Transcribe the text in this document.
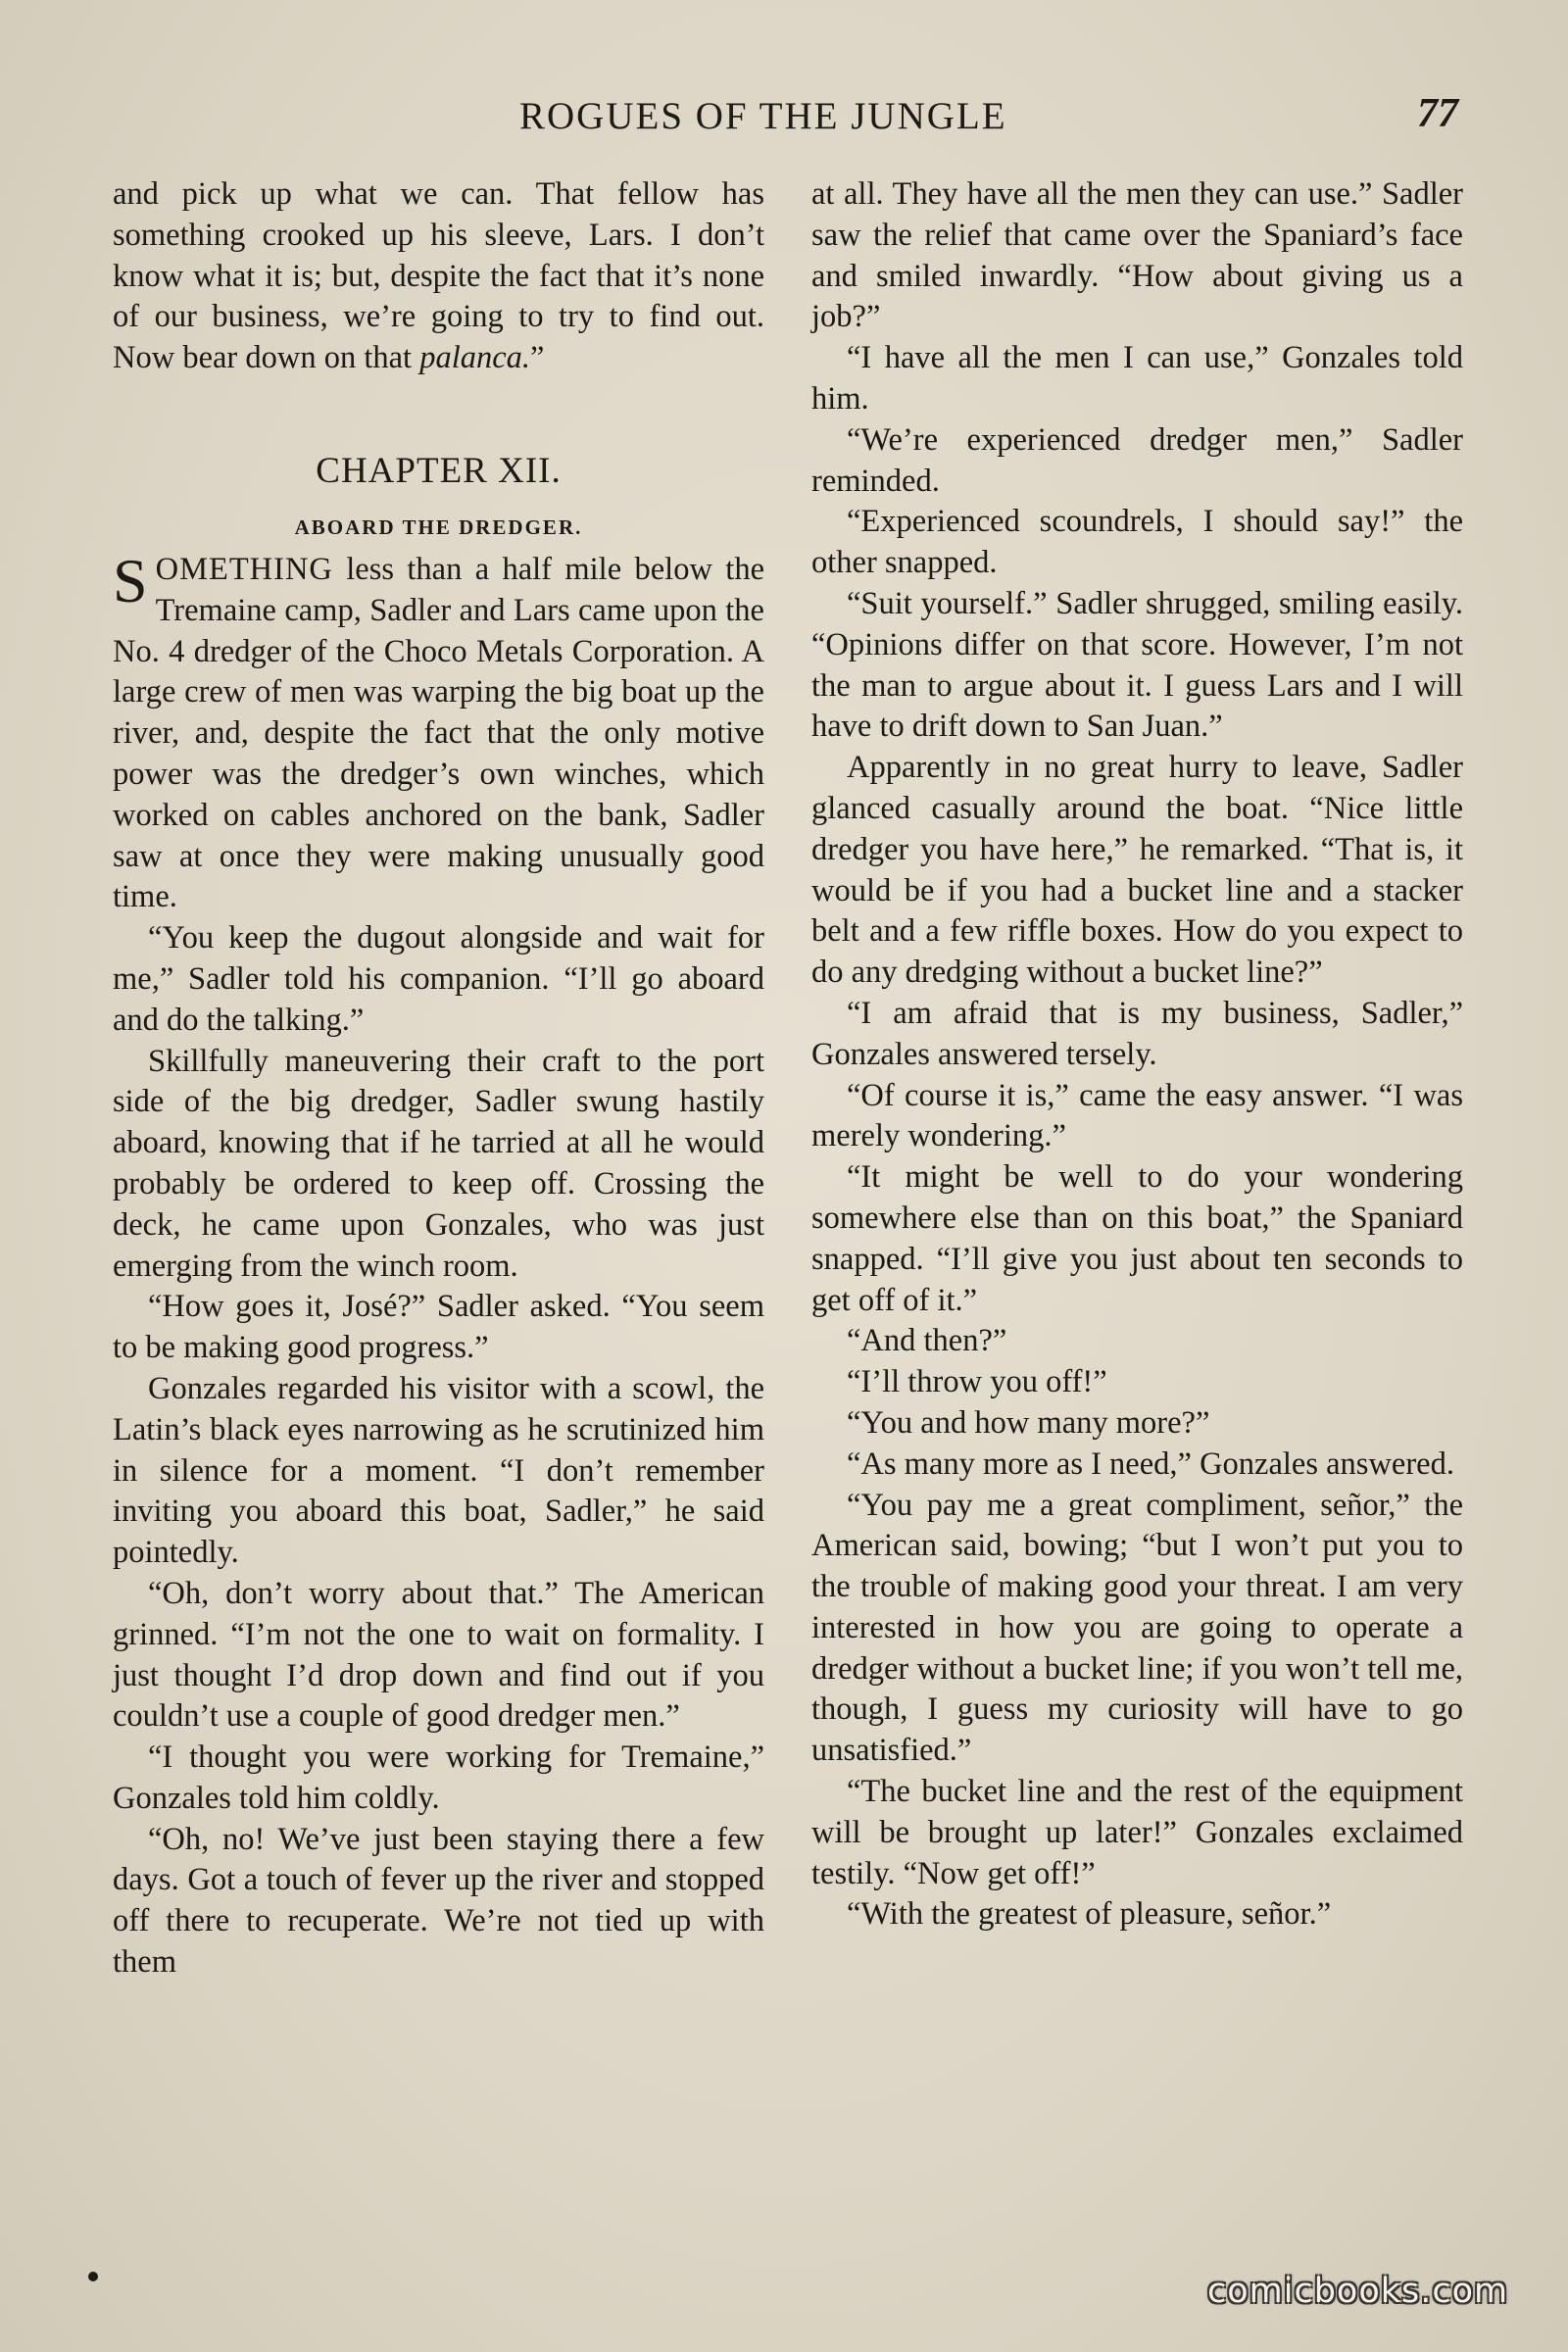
ROGUES OF THE JUNGLE	77

and pick up what we can. That fellow has something crooked up his sleeve, Lars. I don’t know what it is; but, despite the fact that it’s none of our business, we’re going to try to find out. Now bear down on that palanca.”

CHAPTER XII.
ABOARD THE DREDGER.

SOMETHING less than a half mile below the Tremaine camp, Sadler and Lars came upon the No. 4 dredger of the Choco Metals Corporation. A large crew of men was warping the big boat up the river, and, despite the fact that the only motive power was the dredger’s own winches, which worked on cables anchored on the bank, Sadler saw at once they were making unusually good time.

“You keep the dugout alongside and wait for me,” Sadler told his companion. “I’ll go aboard and do the talking.”

Skillfully maneuvering their craft to the port side of the big dredger, Sadler swung hastily aboard, knowing that if he tarried at all he would probably be ordered to keep off. Crossing the deck, he came upon Gonzales, who was just emerging from the winch room.

“How goes it, José?” Sadler asked. “You seem to be making good progress.”

Gonzales regarded his visitor with a scowl, the Latin’s black eyes narrowing as he scrutinized him in silence for a moment. “I don’t remember inviting you aboard this boat, Sadler,” he said pointedly.

“Oh, don’t worry about that.” The American grinned. “I’m not the one to wait on formality. I just thought I’d drop down and find out if you couldn’t use a couple of good dredger men.”

“I thought you were working for Tremaine,” Gonzales told him coldly.

“Oh, no! We’ve just been staying there a few days. Got a touch of fever up the river and stopped off there to recuperate. We’re not tied up with them

at all. They have all the men they can use.” Sadler saw the relief that came over the Spaniard’s face and smiled inwardly. “How about giving us a job?”

“I have all the men I can use,” Gonzales told him.

“We’re experienced dredger men,” Sadler reminded.

“Experienced scoundrels, I should say!” the other snapped.

“Suit yourself.” Sadler shrugged, smiling easily. “Opinions differ on that score. However, I’m not the man to argue about it. I guess Lars and I will have to drift down to San Juan.”

Apparently in no great hurry to leave, Sadler glanced casually around the boat. “Nice little dredger you have here,” he remarked. “That is, it would be if you had a bucket line and a stacker belt and a few riffle boxes. How do you expect to do any dredging without a bucket line?”

“I am afraid that is my business, Sadler,” Gonzales answered tersely.

“Of course it is,” came the easy answer. “I was merely wondering.”

“It might be well to do your wondering somewhere else than on this boat,” the Spaniard snapped. “I’ll give you just about ten seconds to get off of it.”

“And then?”

“I’ll throw you off!”

“You and how many more?”

“As many more as I need,” Gonzales answered.

“You pay me a great compliment, señor,” the American said, bowing; “but I won’t put you to the trouble of making good your threat. I am very interested in how you are going to operate a dredger without a bucket line; if you won’t tell me, though, I guess my curiosity will have to go unsatisfied.”

“The bucket line and the rest of the equipment will be brought up later!” Gonzales exclaimed testily. “Now get off!”

“With the greatest of pleasure, señor.”

comicbooks.com
